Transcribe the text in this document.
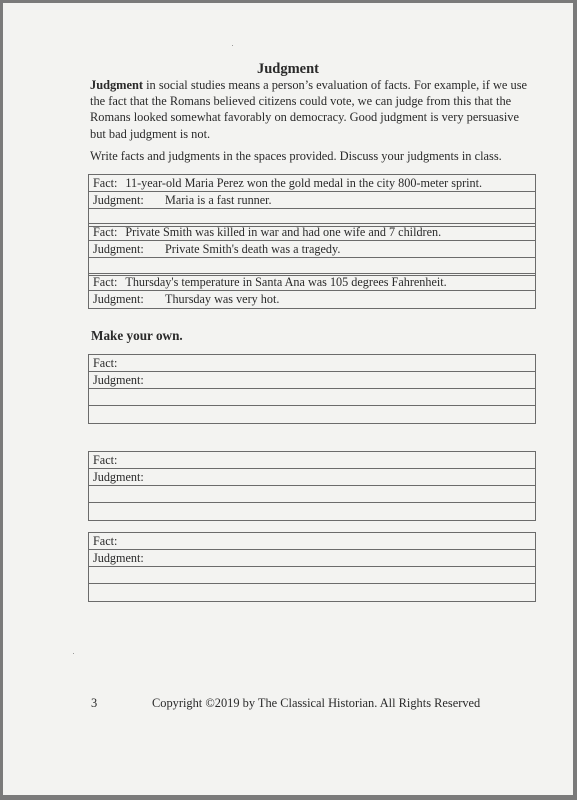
Judgment
Judgment in social studies means a person’s evaluation of facts. For example, if we use the fact that the Romans believed citizens could vote, we can judge from this that the Romans looked somewhat favorably on democracy. Good judgment is very persuasive but bad judgment is not.
Write facts and judgments in the spaces provided. Discuss your judgments in class.
Fact: 11-year-old Maria Perez won the gold medal in the city 800-meter sprint.
Judgment: Maria is a fast runner.
Fact: Private Smith was killed in war and had one wife and 7 children.
Judgment: Private Smith's death was a tragedy.
Fact: Thursday's temperature in Santa Ana was 105 degrees Fahrenheit.
Judgment: Thursday was very hot.
Make your own.
Fact:
Judgment:
Fact:
Judgment:
Fact:
Judgment:
3	Copyright ©2019 by The Classical Historian. All Rights Reserved
